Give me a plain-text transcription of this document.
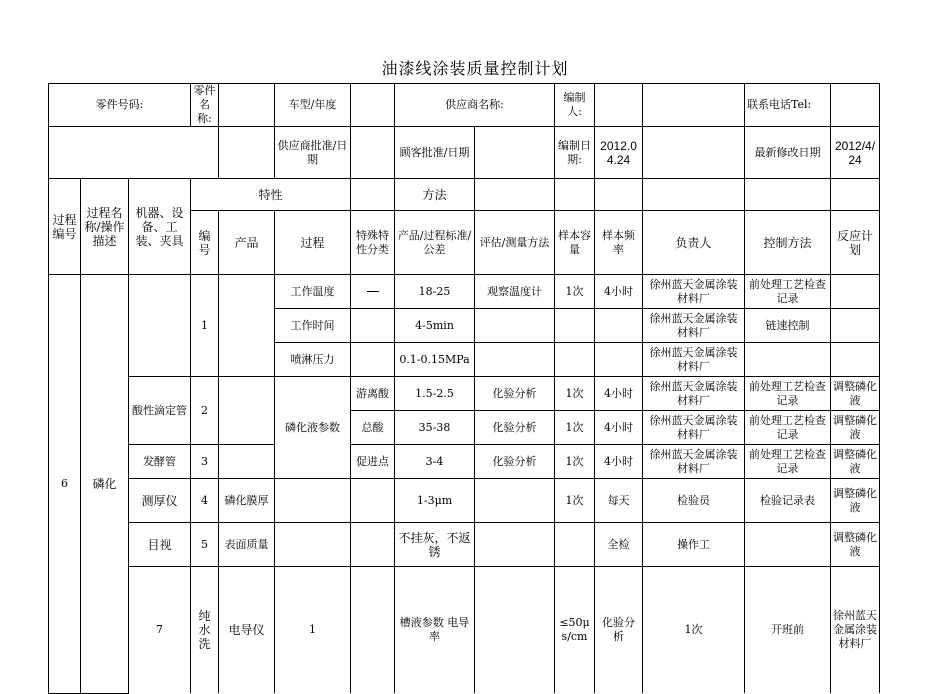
油漆线涂装质量控制计划
零件号码:			零件名称:		车型/年度		供应商名称:		编制人:			联系电话Tel:		
					供应商批准/日期		顾客批准/日期		编制日期:	2012.04.24		最新修改日期	2012/4/24	
过程编号	过程名称/操作描述	机器、设备、工装、夹具	特性				方法							
			编号	产品	过程	特殊特性分类	产品/过程标准/公差	评估/测量方法	样本容量	样本频率	负责人	控制方法	反应计划	
6	磷化		1		工作温度		18-25	观察温度计	1次	4小时	徐州蓝天金属涂装材料厂	前处理工艺检查记录		
					工作时间		4-5min				徐州蓝天金属涂装材料厂	链速控制		
					喷淋压力		0.1-0.15MPa				徐州蓝天金属涂装材料厂			
		酸性滴定管	2		磷化液参数	游离酸	1.5-2.5	化验分析	1次	4小时	徐州蓝天金属涂装材料厂	前处理工艺检查记录	调整磷化液	
						总酸	35-38	化验分析	1次	4小时	徐州蓝天金属涂装材料厂	前处理工艺检查记录	调整磷化液	
		发酵管	3			促进点	3-4	化验分析	1次	4小时	徐州蓝天金属涂装材料厂	前处理工艺检查记录	调整磷化液	
		测厚仪	4	磷化膜厚			1-3μm		1次	每天	检验员	检验记录表	调整磷化液	
		目视	5	表面质量			不挂灰，不返锈			全检	操作工		调整磷化液	
		7	纯水洗	电导仪	1		槽液参数 电导率		≤50μs/cm	化验分析	1次	开班前	徐州蓝天金属涂装材料厂		
